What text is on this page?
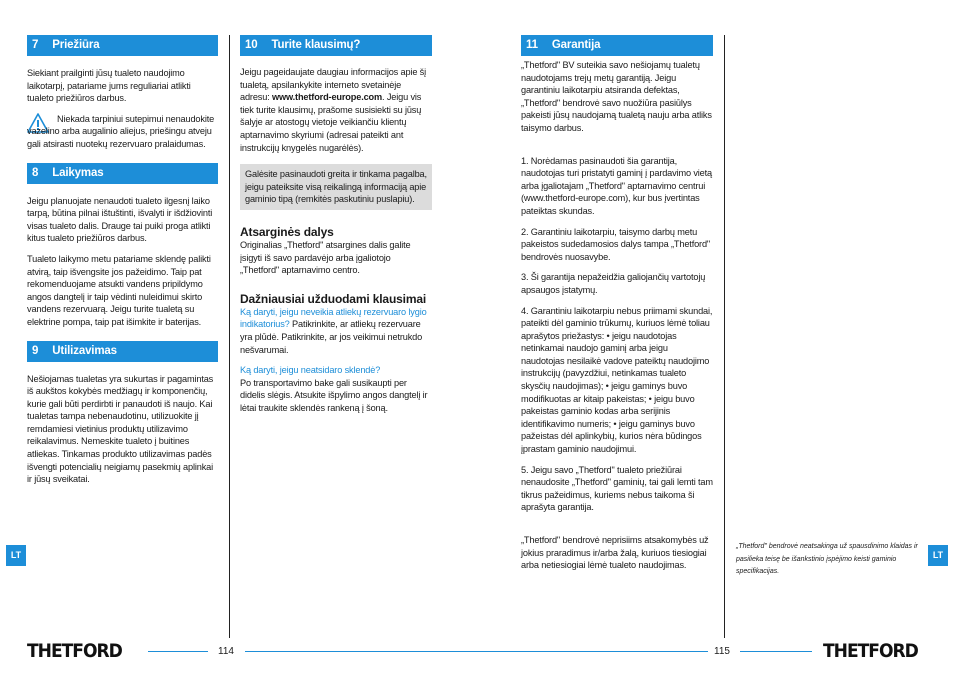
7 Priežiūra

Siekiant prailginti jūsų tualeto naudojimo laikotarpį, patariame jums reguliariai atlikti tualeto priežiūros darbus.

Niekada tarpiniui sutepimui nenaudokite vazelino arba augalinio aliejus, priešingu atveju gali atsirasti nuotekų rezervuaro pralaidumas.

8 Laikymas

Jeigu planuojate nenaudoti tualeto ilgesnį laiko tarpą, būtina pilnai ištuštinti, išvalyti ir išdžiovinti visas tualeto dalis. Drauge tai puiki proga atlikti kitus tualeto priežiūros darbus.

Tualeto laikymo metu patariame sklendę palikti atvirą, taip išvengsite jos pažeidimo. Taip pat rekomenduojame atsukti vandens pripildymo angos dangtelį ir taip vėdinti nuleidimui skirto vandens rezervuarą. Jeigu turite tualetą su elektrine pompa, taip pat išimkite ir baterijas.

9 Utilizavimas

Nešiojamas tualetas yra sukurtas ir pagamintas iš aukštos kokybės medžiagų ir komponenčių, kurie gali būti perdirbti ir panaudoti iš naujo. Kai tualetas tampa nebenaudotinu, utilizuokite jį remdamiesi vietinius produktų utilizavimo reikalavimus. Nemeskite tualeto į buitines atliekas. Tinkamas produkto utilizavimas padės išvengti potencialių neigiamų pasekmių aplinkai ir jūsų sveikatai.

10 Turite klausimų?

Jeigu pageidaujate daugiau informacijos apie šį tualetą, apsilankykite interneto svetainėje adresu: www.thetford-europe.com. Jeigu vis tiek turite klausimų, prašome susisiekti su jūsų šalyje ar atostogų vietoje veikiančiu klientų aptarnavimo skyriumi (adresai pateikti ant instrukcijų knygelės nugarėlės).

Galėsite pasinaudoti greita ir tinkama pagalba, jeigu pateiksite visą reikalingą informaciją apie gaminio tipą (remkitės paskutiniu puslapiu).
Atsarginės dalys

Originalias „Thetford" atsargines dalis galite įsigyti iš savo pardavėjo arba įgaliotojo „Thetford" aptarnavimo centro.

Dažniausiai užduodami klausimai

Ką daryti, jeigu neveikia atliekų rezervuaro lygio indikatorius? Patikrinkite, ar atliekų rezervuare yra plūdė. Patikrinkite, ar jos veikimui netrukdo nešvarumai.

Ką daryti, jeigu neatsidaro sklendė?
Po transportavimo bake gali susikaupti per didelis slėgis. Atsukite išpylimo angos dangtelį ir lėtai traukite sklendės rankeną į šoną.

11 Garantija

„Thetford" BV suteikia savo nešiojamų tualetų naudotojams trejų metų garantiją. Jeigu garantiniu laikotarpiu atsiranda defektas, „Thetford" bendrovė savo nuožiūra pasiūlys pakeisti jūsų naudojamą tualetą nauju arba atliks taisymo darbus.

1. Norėdamas pasinaudoti šia garantija, naudotojas turi pristatyti gaminį į pardavimo vietą arba įgaliotajam „Thetford" aptarnavimo centrui (www.thetford-europe.com), kur bus įvertintas pateiktas skundas.

2. Garantiniu laikotarpiu, taisymo darbų metu pakeistos sudedamosios dalys tampa „Thetford" bendrovės nuosavybe.

3. Ši garantija nepažeidžia galiojančių vartotojų apsaugos įstatymų.

4. Garantiniu laikotarpiu nebus priimami skundai, pateikti dėl gaminio trūkumų, kuriuos lėmė toliau aprašytos priežastys: • jeigu naudotojas netinkamai naudojo gaminį arba jeigu naudotojas nesilaikė vadove pateiktų naudojimo instrukcijų (pavyzdžiui, netinkamas tualeto skysčių naudojimas); • jeigu gaminys buvo modifikuotas ar kitaip pakeistas; • jeigu buvo pakeistas gaminio kodas arba serijinis identifikavimo numeris; • jeigu gaminys buvo pažeistas dėl aplinkybių, kurios nėra būdingos įprastam gaminio naudojimui.

5. Jeigu savo „Thetford" tualeto priežiūrai nenaudosite „Thetford" gaminių, tai gali lemti tam tikrus pažeidimus, kuriems nebus taikoma ši aprašyta garantija.

„Thetford" bendrovė neprisiims atsakomybės už jokius praradimus ir/arba žalą, kuriuos tiesiogiai arba netiesiogiai lėmė tualeto naudojimas.

„Thetford" bendrovė neatsakinga už spausdinimo klaidas ir pasilieka teisę be išankstinio įspėjimo keisti gaminio specifikacijas.
LT	LT
THETFORD	114	115	THETFORD
